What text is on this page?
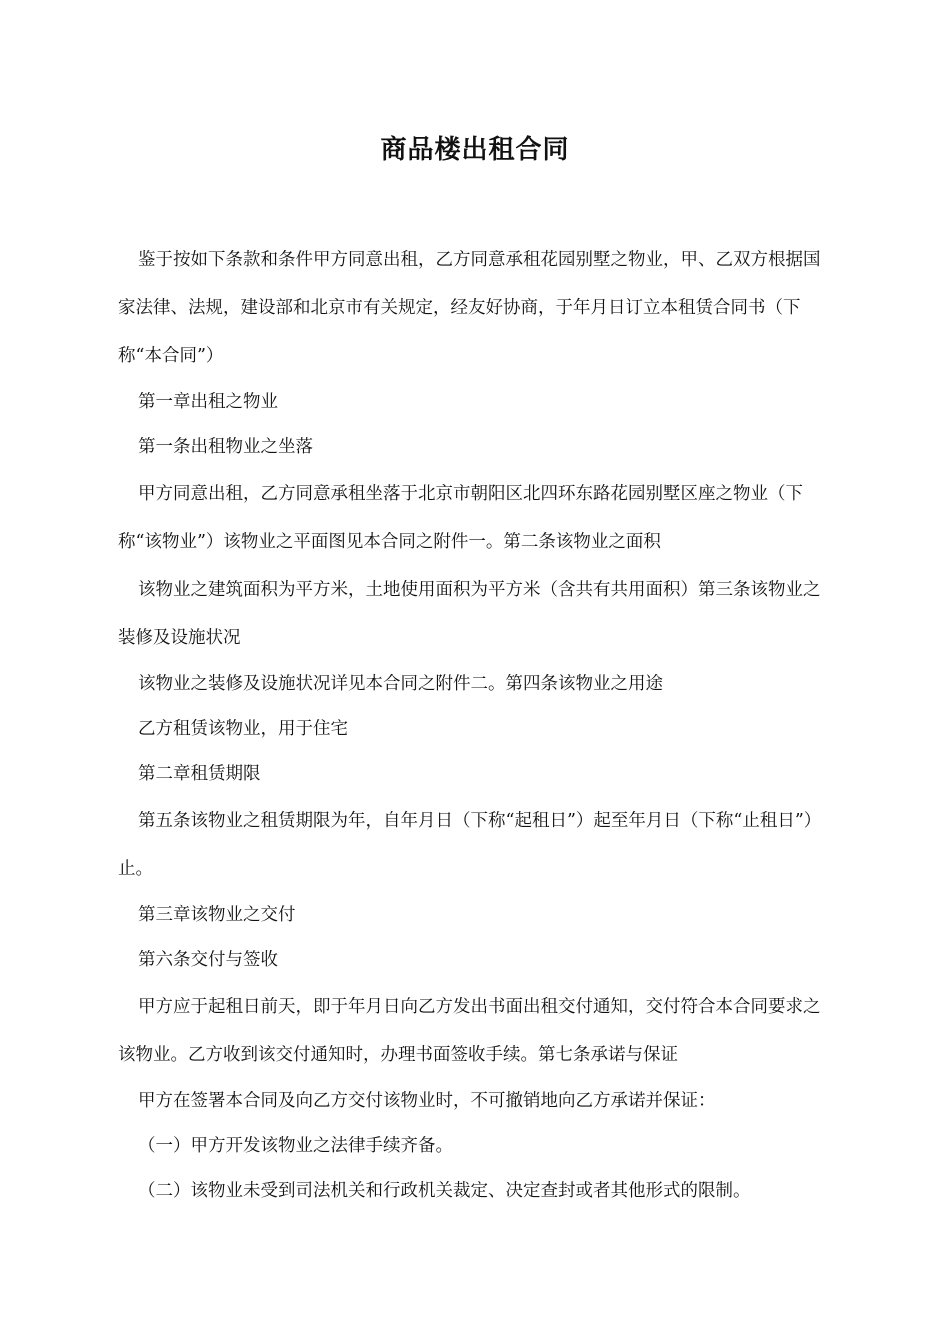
商品楼出租合同

鉴于按如下条款和条件甲方同意出租，乙方同意承租花园别墅之物业，甲、乙双方根据国家法律、法规，建设部和北京市有关规定，经友好协商，于年月日订立本租赁合同书（下称“本合同”）

第一章出租之物业

第一条出租物业之坐落

甲方同意出租，乙方同意承租坐落于北京市朝阳区北四环东路花园别墅区座之物业（下称“该物业”）该物业之平面图见本合同之附件一。第二条该物业之面积

该物业之建筑面积为平方米，土地使用面积为平方米（含共有共用面积）第三条该物业之装修及设施状况

该物业之装修及设施状况详见本合同之附件二。第四条该物业之用途

乙方租赁该物业，用于住宅

第二章租赁期限

第五条该物业之租赁期限为年，自年月日（下称“起租日”）起至年月日（下称“止租日”）止。

第三章该物业之交付

第六条交付与签收

甲方应于起租日前天，即于年月日向乙方发出书面出租交付通知，交付符合本合同要求之该物业。乙方收到该交付通知时，办理书面签收手续。第七条承诺与保证

甲方在签署本合同及向乙方交付该物业时，不可撤销地向乙方承诺并保证：

（一）甲方开发该物业之法律手续齐备。

（二）该物业未受到司法机关和行政机关裁定、决定查封或者其他形式的限制。
